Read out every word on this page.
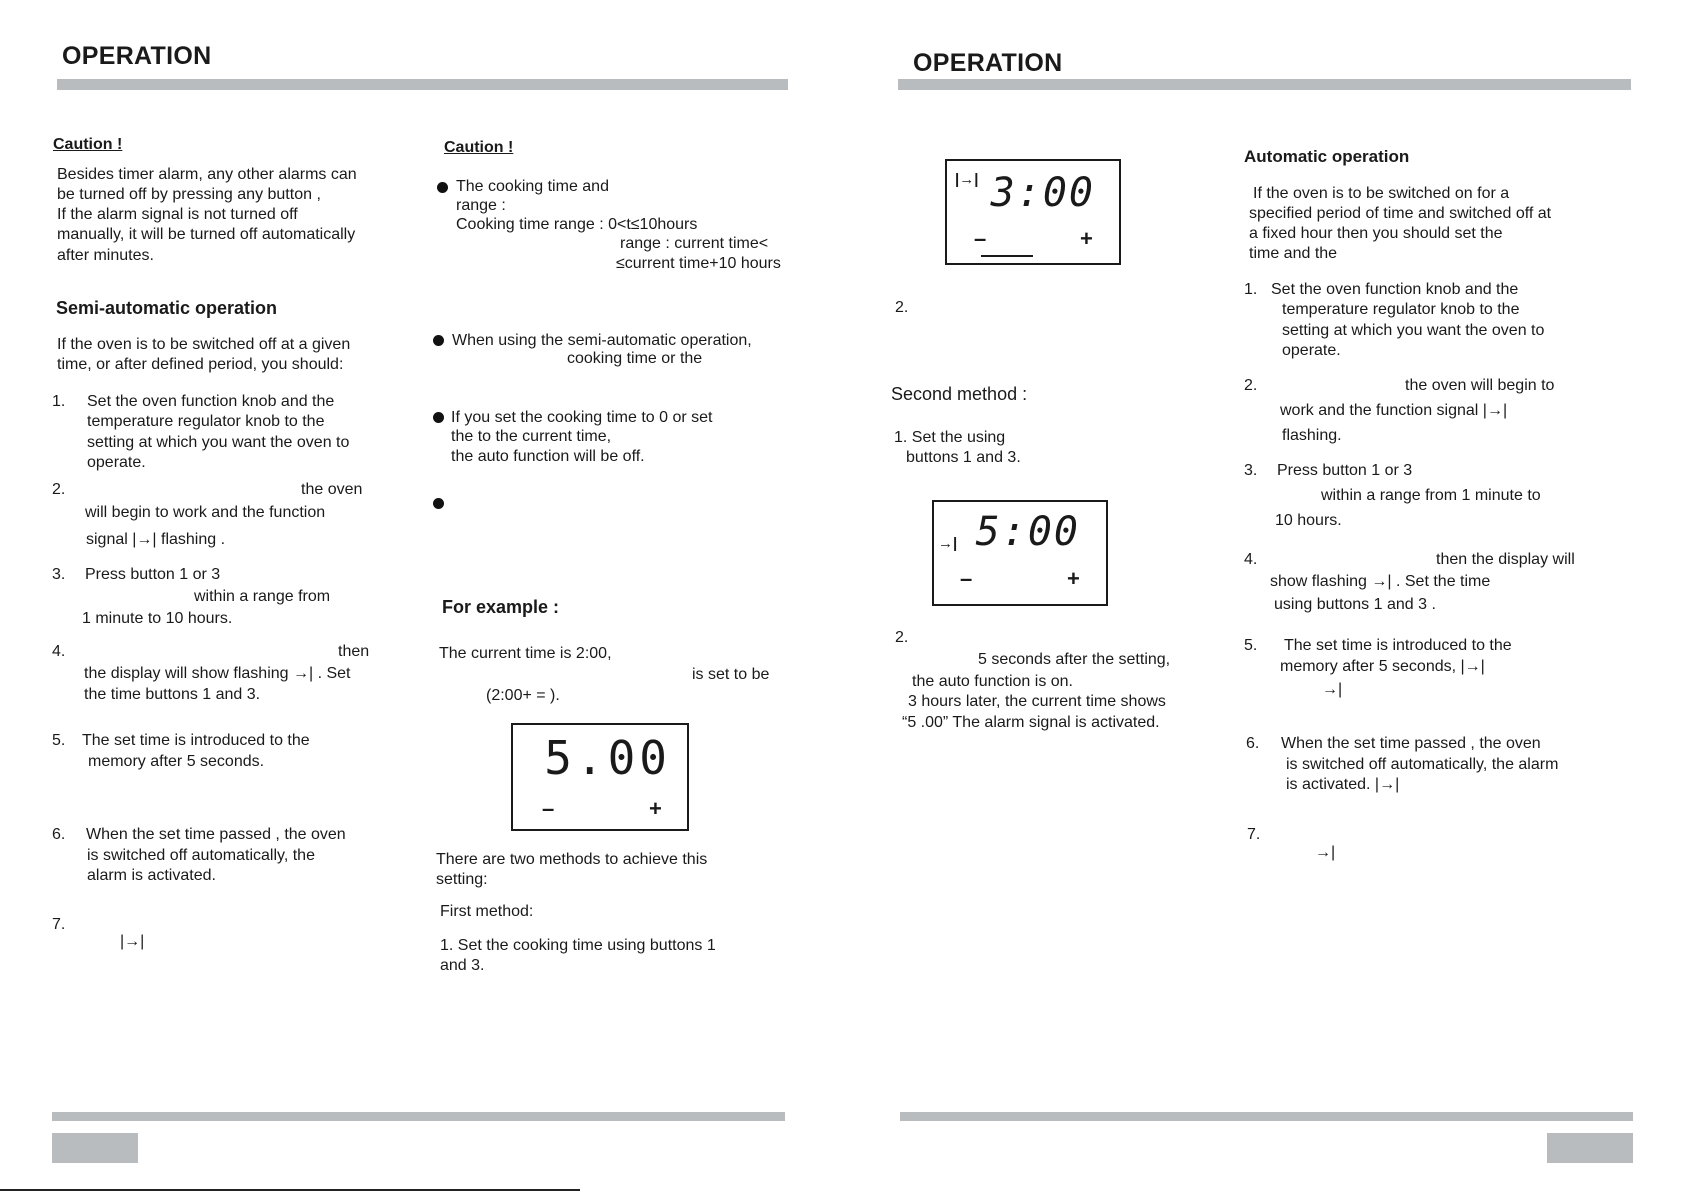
OPERATION
Caution !
Besides timer alarm, any other alarms can
be turned off by pressing any button ,
If the alarm signal is not turned off
manually, it will be turned off automatically
after minutes.
Semi-automatic operation
If the oven is to be switched off at a given
time, or after defined period, you should:
1. Set the oven function knob and the
temperature regulator knob to the
setting at which you want the oven to
operate.
2.	the oven
will begin to work and the function
signal |→| flashing .
3. Press button 1 or 3
within a range from
1 minute to 10 hours.
4.	then
the display will show flashing →| . Set
the time buttons 1 and 3.
5. The set time is introduced to the
memory after 5 seconds.
6. When the set time passed , the oven
is switched off automatically, the
alarm is activated.
7.
|→|
Caution !
The cooking time and
range :
Cooking time range : 0<t≤10hours
range : current time<
≤current time+10 hours
When using the semi-automatic operation,
cooking time or the
If you set the cooking time to 0 or set
the to the current time,
the auto function will be off.
For example :
The current time is 2:00,
is set to be
(2:00+ = ).
5.00
–	+
There are two methods to achieve this
setting:
First method:
1. Set the cooking time using buttons 1
and 3.
OPERATION
|→| 3:00
–	+
2.
Second method :
1. Set the using
buttons 1 and 3.
→| 5:00
–	+
2.
5 seconds after the setting,
the auto function is on.
3 hours later, the current time shows
“5 .00” The alarm signal is activated.
Automatic operation
If the oven is to be switched on for a
specified period of time and switched off at
a fixed hour then you should set the
time and the
1. Set the oven function knob and the
temperature regulator knob to the
setting at which you want the oven to
operate.
2.	the oven will begin to
work and the function signal |→|
flashing.
3. Press button 1 or 3
within a range from 1 minute to
10 hours.
4.	then the display will
show flashing →| . Set the time
using buttons 1 and 3 .
5. The set time is introduced to the
memory after 5 seconds, |→|
→|
6. When the set time passed , the oven
is switched off automatically, the alarm
is activated. |→|
7.
→|
